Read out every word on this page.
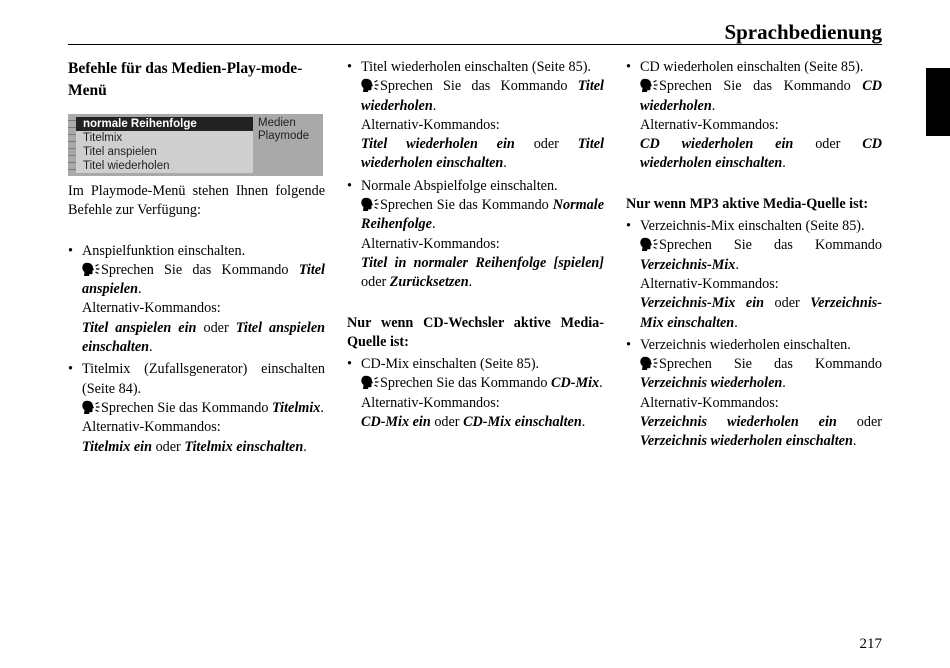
Sprachbedienung
Befehle für das Medien-Play-mode-Menü
normale Reihenfolge
Titelmix
Titel anspielen
Titel wiederholen
Medien
Playmode

Im Playmode-Menü stehen Ihnen folgende Befehle zur Verfügung:

• Anspielfunktion einschalten.

Sprechen Sie das Kommando Titel anspielen.

Alternativ-Kommandos:

Titel anspielen ein oder Titel anspielen einschalten.

• Titelmix (Zufallsgenerator) einschalten (Seite 84).

Sprechen Sie das Kommando Titelmix.

Alternativ-Kommandos:

Titelmix ein oder Titelmix einschalten.

• Titel wiederholen einschalten (Seite 85).

Sprechen Sie das Kommando Titel wiederholen.

Alternativ-Kommandos:

Titel wiederholen ein oder Titel wiederholen einschalten.

• Normale Abspielfolge einschalten.

Sprechen Sie das Kommando Normale Reihenfolge.

Alternativ-Kommandos:

Titel in normaler Reihenfolge [spielen] oder Zurücksetzen.

Nur wenn CD-Wechsler aktive Media-Quelle ist:
• CD-Mix einschalten (Seite 85).

Sprechen Sie das Kommando CD-Mix.

Alternativ-Kommandos:

CD-Mix ein oder CD-Mix einschalten.

• CD wiederholen einschalten (Seite 85).

Sprechen Sie das Kommando CD wiederholen.

Alternativ-Kommandos:

CD wiederholen ein oder CD wiederholen einschalten.

Nur wenn MP3 aktive Media-Quelle ist:
• Verzeichnis-Mix einschalten (Seite 85).

Sprechen Sie das Kommando Verzeichnis-Mix.

Alternativ-Kommandos:

Verzeichnis-Mix ein oder Verzeichnis-Mix einschalten.

• Verzeichnis wiederholen einschalten.

Sprechen Sie das Kommando Verzeichnis wiederholen.

Alternativ-Kommandos:

Verzeichnis wiederholen ein oder Verzeichnis wiederholen einschalten.

217
